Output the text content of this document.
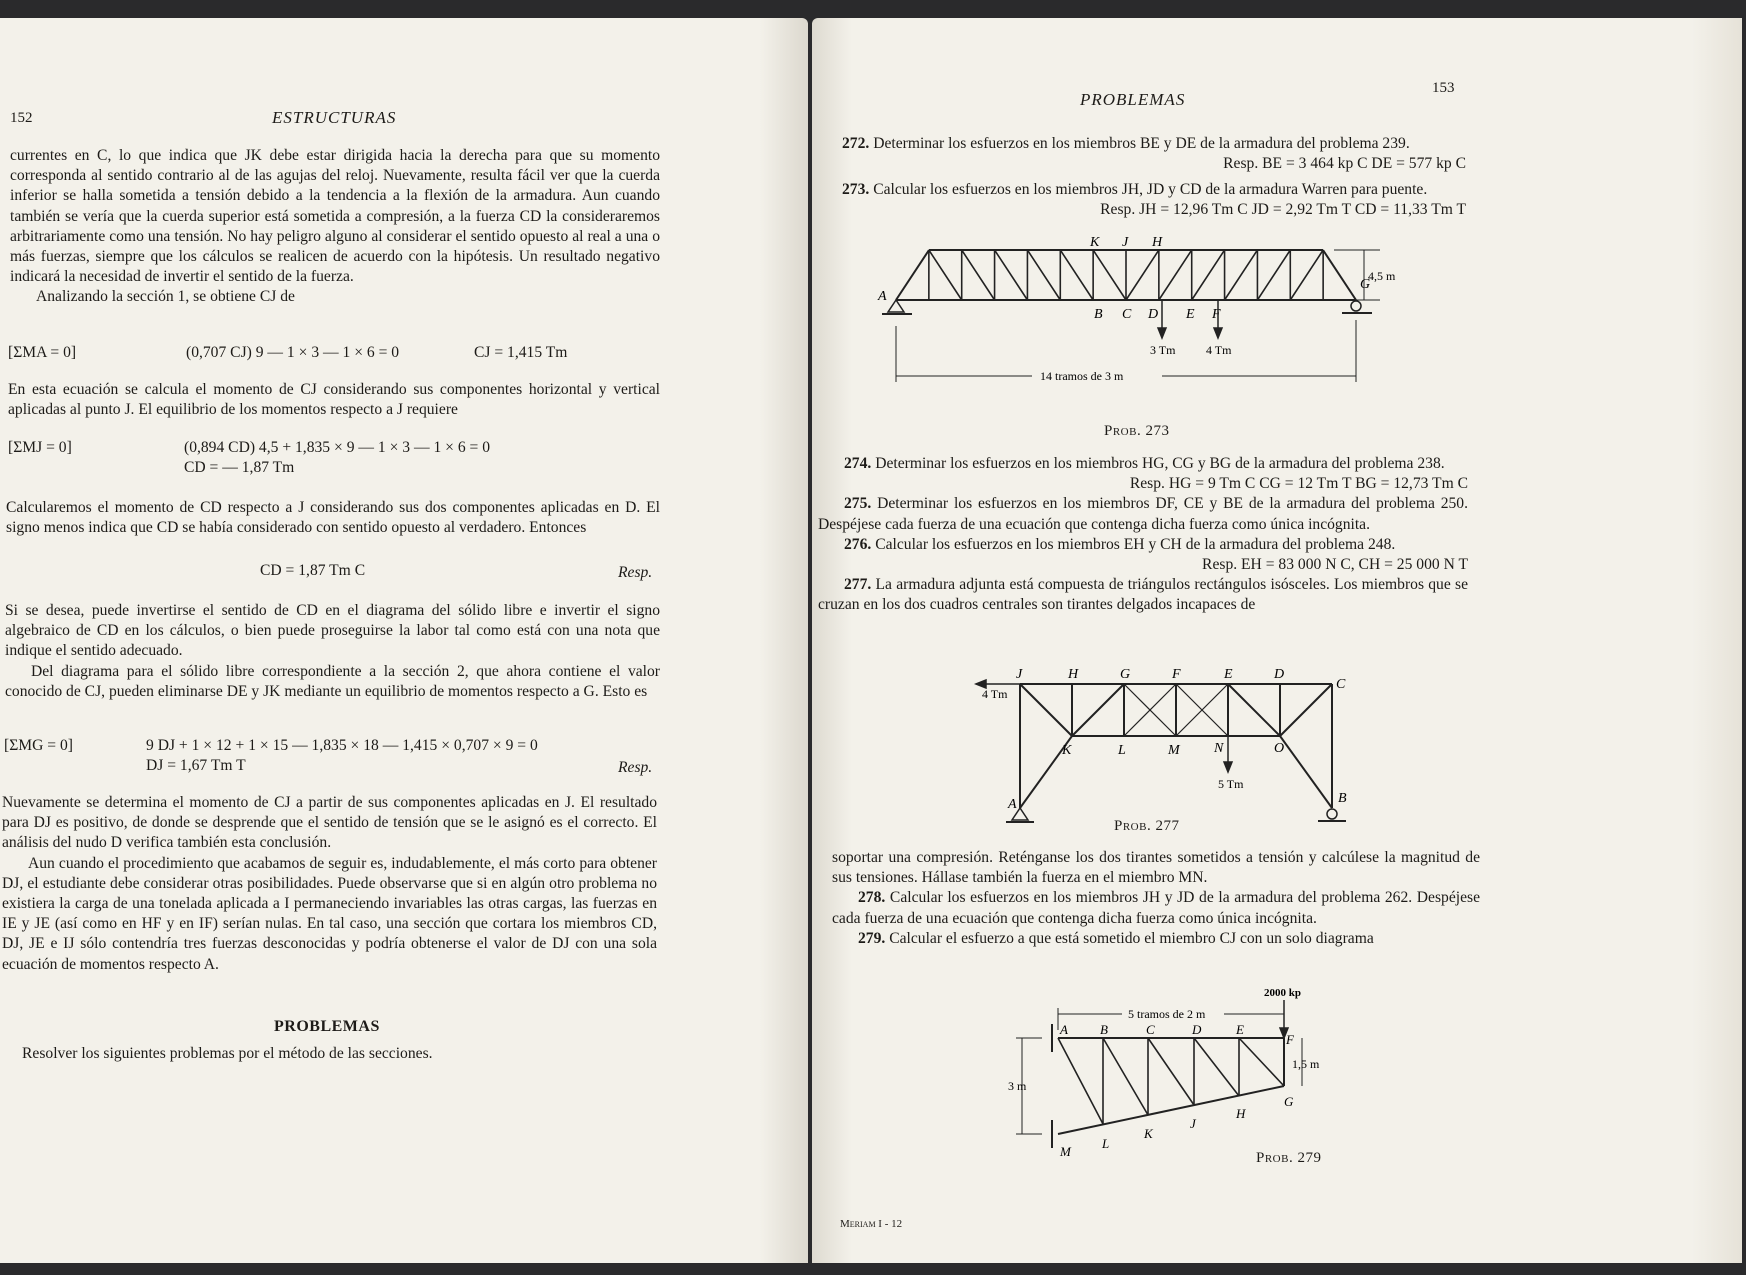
152	ESTRUCTURAS

currentes en C, lo que indica que JK debe estar dirigida hacia la derecha para que su momento corresponda al sentido contrario al de las agujas del reloj. Nuevamente, resulta fácil ver que la cuerda inferior se halla sometida a tensión debido a la tendencia a la flexión de la armadura. Aun cuando también se vería que la cuerda superior está sometida a compresión, a la fuerza CD la consideraremos arbitrariamente como una tensión. No hay peligro alguno al considerar el sentido opuesto al real a una o más fuerzas, siempre que los cálculos se realicen de acuerdo con la hipótesis. Un resultado negativo indicará la necesidad de invertir el sentido de la fuerza.

Analizando la sección 1, se obtiene CJ de

[ΣMA = 0]	(0,707 CJ) 9 — 1 × 3 — 1 × 6 = 0	CJ = 1,415 Tm
En esta ecuación se calcula el momento de CJ considerando sus componentes horizontal y vertical aplicadas al punto J. El equilibrio de los momentos respecto a J requiere
[ΣMJ = 0]	(0,894 CD) 4,5 + 1,835 × 9 — 1 × 3 — 1 × 6 = 0
CD = — 1,87 Tm
Calcularemos el momento de CD respecto a J considerando sus dos componentes aplicadas en D. El signo menos indica que CD se había considerado con sentido opuesto al verdadero. Entonces
CD = 1,87 Tm C	Resp.

Si se desea, puede invertirse el sentido de CD en el diagrama del sólido libre e invertir el signo algebraico de CD en los cálculos, o bien puede proseguirse la labor tal como está con una nota que indique el sentido adecuado.

Del diagrama para el sólido libre correspondiente a la sección 2, que ahora contiene el valor conocido de CJ, pueden eliminarse DE y JK mediante un equilibrio de momentos respecto a G. Esto es

[ΣMG = 0]	9 DJ + 1 × 12 + 1 × 15 — 1,835 × 18 — 1,415 × 0,707 × 9 = 0
DJ = 1,67 Tm T	Resp.

Nuevamente se determina el momento de CJ a partir de sus componentes aplicadas en J. El resultado para DJ es positivo, de donde se desprende que el sentido de tensión que se le asignó es el correcto. El análisis del nudo D verifica también esta conclusión.

Aun cuando el procedimiento que acabamos de seguir es, indudablemente, el más corto para obtener DJ, el estudiante debe considerar otras posibilidades. Puede observarse que si en algún otro problema no existiera la carga de una tonelada aplicada a I permaneciendo invariables las otras cargas, las fuerzas en IE y JE (así como en HF y en IF) serían nulas. En tal caso, una sección que cortara los miembros CD, DJ, JE e IJ sólo contendría tres fuerzas desconocidas y podría obtenerse el valor de DJ con una sola ecuación de momentos respecto A.

PROBLEMAS
Resolver los siguientes problemas por el método de las secciones.
PROBLEMAS
153

272. Determinar los esfuerzos en los miembros BE y DE de la armadura del problema 239.

Resp. BE = 3 464 kp C DE = 577 kp C

273. Calcular los esfuerzos en los miembros JH, JD y CD de la armadura Warren para puente.

Resp. JH = 12,96 Tm C JD = 2,92 Tm T CD = 11,33 Tm T

A
G
K J H
B C D E F
3 Tm	4 Tm
4,5 m
14 tramos de 3 m
Prob. 273

274. Determinar los esfuerzos en los miembros HG, CG y BG de la armadura del problema 238.

Resp. HG = 9 Tm C CG = 12 Tm T BG = 12,73 Tm C

275. Determinar los esfuerzos en los miembros DF, CE y BE de la armadura del problema 250. Despéjese cada fuerza de una ecuación que contenga dicha fuerza como única incógnita.

276. Calcular los esfuerzos en los miembros EH y CH de la armadura del problema 248.

Resp. EH = 83 000 N C, CH = 25 000 N T

277. La armadura adjunta está compuesta de triángulos rectángulos isósceles. Los miembros que se cruzan en los dos cuadros centrales son tirantes delgados incapaces de

4 Tm
5 Tm
A	B
J	H	G	F	E	D
C
K	L	M N	O
Prob. 277

soportar una compresión. Reténganse los dos tirantes sometidos a tensión y calcúlese la magnitud de sus tensiones. Hállase también la fuerza en el miembro MN.

278. Calcular los esfuerzos en los miembros JH y JD de la armadura del problema 262. Despéjese cada fuerza de una ecuación que contenga dicha fuerza como única incógnita.

279. Calcular el esfuerzo a que está sometido el miembro CJ con un solo diagrama

2000 kp
5 tramos de 2 m
3 m
1,5 m
A B	C	D	E
F
M
L
K
J
H
G
Prob. 279
Meriam I - 12
